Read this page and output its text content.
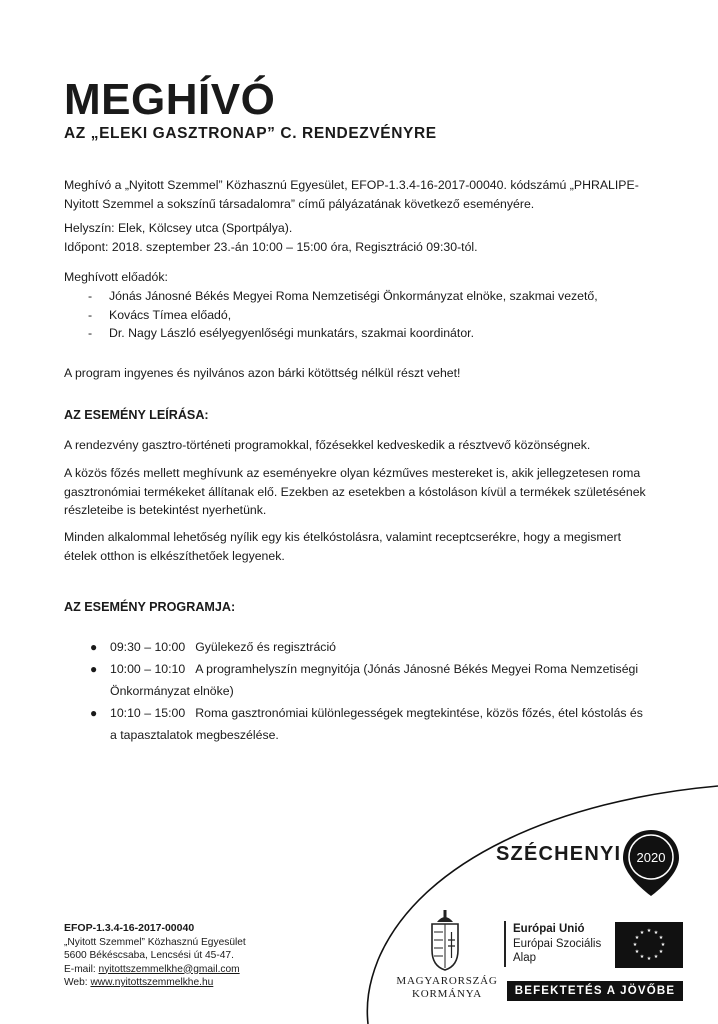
MEGHÍVÓ
AZ „ELEKI GASZTRONAP” C. RENDEZVÉNYRE

Meghívó a „Nyitott Szemmel” Közhasznú Egyesület, EFOP-1.3.4-16-2017-00040. kódszámú „PHRALIPE-

Nyitott Szemmel a sokszínű társadalomra” című pályázatának következő eseményére.

Helyszín: Elek, Kölcsey utca (Sportpálya).

Időpont: 2018. szeptember 23.-án 10:00 – 15:00 óra, Regisztráció 09:30-tól.

Meghívott előadók:
- Jónás Jánosné Békés Megyei Roma Nemzetiségi Önkormányzat elnöke, szakmai vezető,
- Kovács Tímea előadó,
- Dr. Nagy László esélyegyenlőségi munkatárs, szakmai koordinátor.
A program ingyenes és nyilvános azon bárki kötöttség nélkül részt vehet!
AZ ESEMÉNY LEÍRÁSA:
A rendezvény gasztro-történeti programokkal, főzésekkel kedveskedik a résztvevő közönségnek.

A közös főzés mellett meghívunk az eseményekre olyan kézműves mestereket is, akik jellegzetesen roma

gasztronómiai termékeket állítanak elő. Ezekben az esetekben a kóstoláson kívül a termékek születésének

részleteibe is betekintést nyerhetünk.

Minden alkalommal lehetőség nyílik egy kis ételkóstolásra, valamint receptcserékre, hogy a megismert

ételek otthon is elkészíthetőek legyenek.

AZ ESEMÉNY PROGRAMJA:
● 09:30 – 10:00 Gyülekező és regisztráció
● 10:00 – 10:10 A programhelyszín megnyitója (Jónás Jánosné Békés Megyei Roma Nemzetiségi
Önkormányzat elnöke)
● 10:10 – 15:00 Roma gasztronómiai különlegességek megtekintése, közös főzés, étel kóstolás és
a tapasztalatok megbeszélése.
SZÉCHENYI 2020
MAGYARORSZÁG
KORMÁNYA
Európai Unió
Európai Szociális
Alap
★ ★
★
★
★
★
★
★
★
★
★
★
BEFEKTETÉS A JÖVŐBE
EFOP-1.3.4-16-2017-00040
„Nyitott Szemmel” Közhasznú Egyesület
5600 Békéscsaba, Lencsési út 45-47.
E-mail: nyitottszemmelkhe@gmail.com
Web: www.nyitottszemmelkhe.hu
